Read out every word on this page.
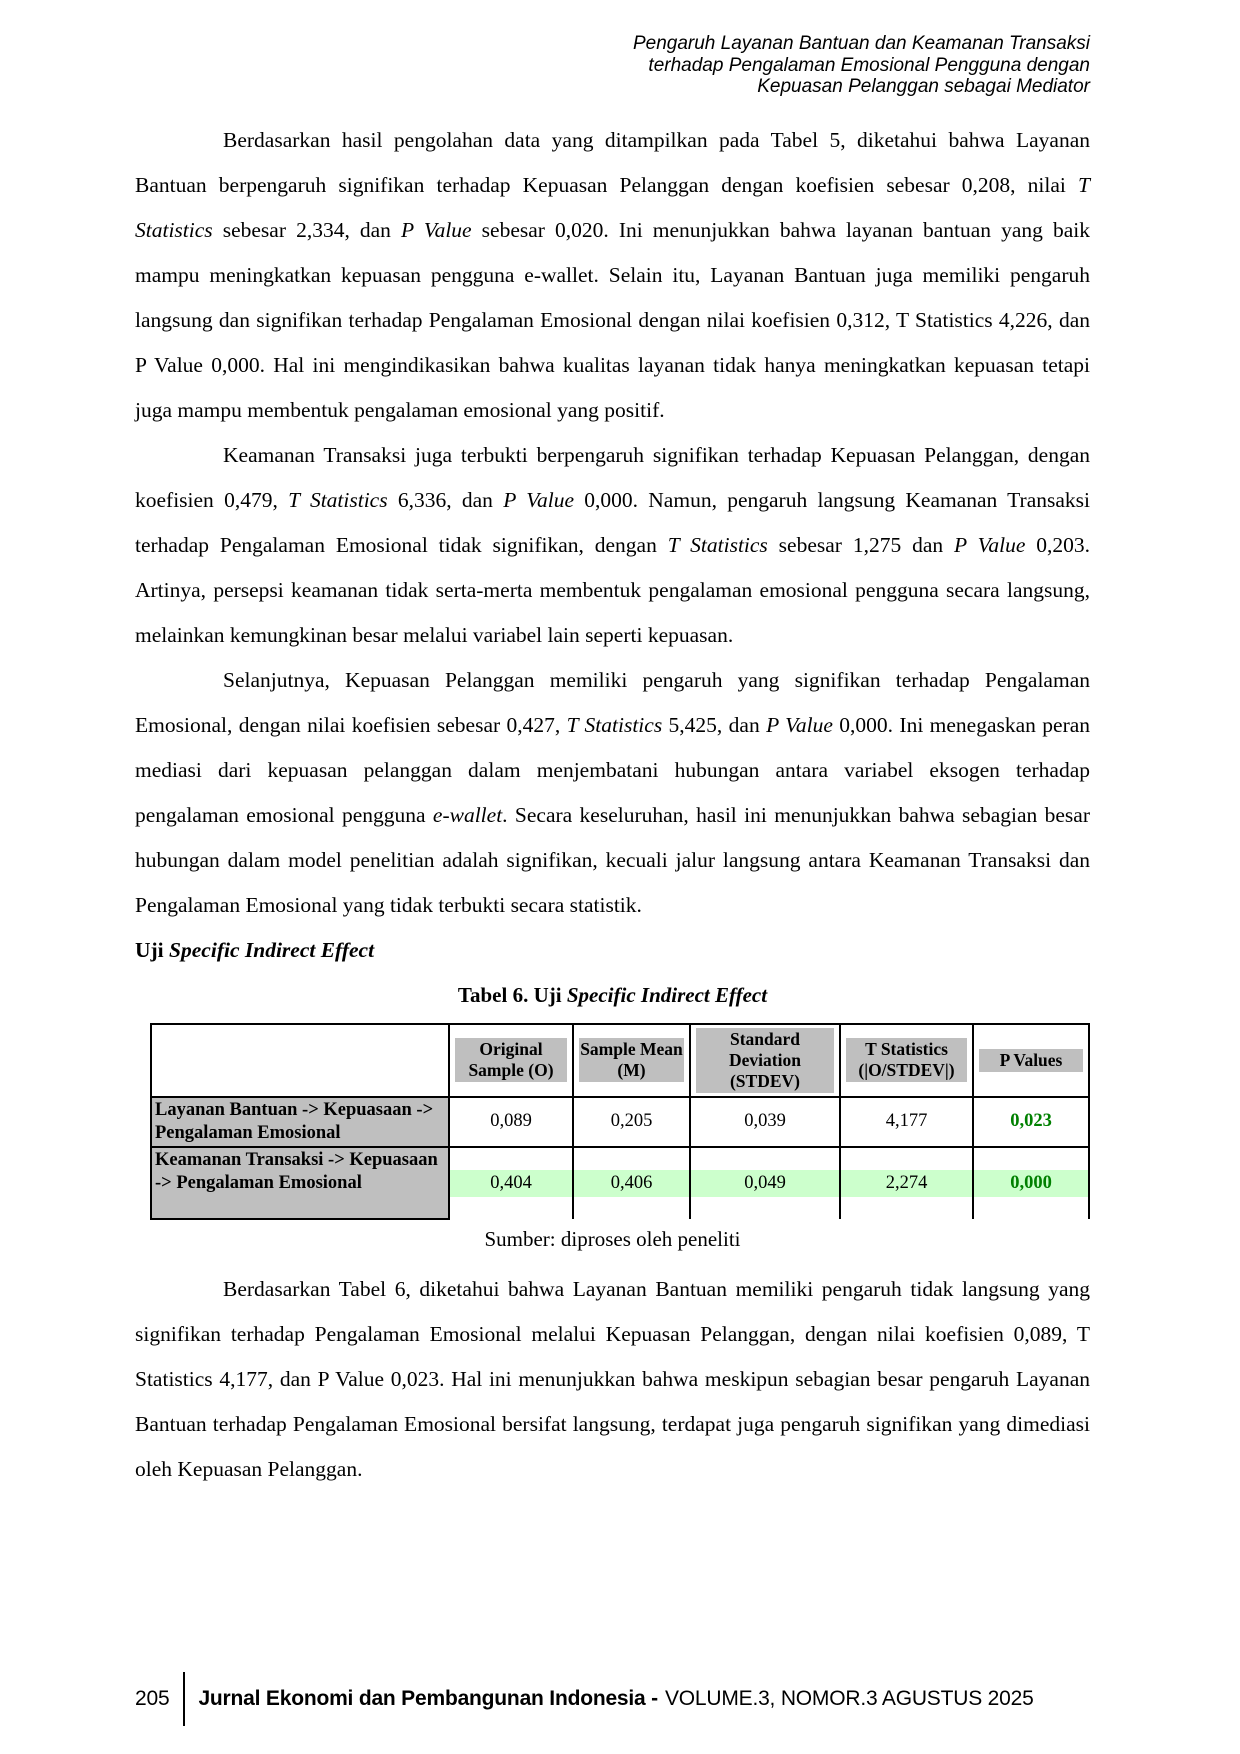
Pengaruh Layanan Bantuan dan Keamanan Transaksi
terhadap Pengalaman Emosional Pengguna dengan
Kepuasan Pelanggan sebagai Mediator

Berdasarkan hasil pengolahan data yang ditampilkan pada Tabel 5, diketahui bahwa Layanan Bantuan berpengaruh signifikan terhadap Kepuasan Pelanggan dengan koefisien sebesar 0,208, nilai T Statistics sebesar 2,334, dan P Value sebesar 0,020. Ini menunjukkan bahwa layanan bantuan yang baik mampu meningkatkan kepuasan pengguna e-wallet. Selain itu, Layanan Bantuan juga memiliki pengaruh langsung dan signifikan terhadap Pengalaman Emosional dengan nilai koefisien 0,312, T Statistics 4,226, dan P Value 0,000. Hal ini mengindikasikan bahwa kualitas layanan tidak hanya meningkatkan kepuasan tetapi juga mampu membentuk pengalaman emosional yang positif.

Keamanan Transaksi juga terbukti berpengaruh signifikan terhadap Kepuasan Pelanggan, dengan koefisien 0,479, T Statistics 6,336, dan P Value 0,000. Namun, pengaruh langsung Keamanan Transaksi terhadap Pengalaman Emosional tidak signifikan, dengan T Statistics sebesar 1,275 dan P Value 0,203. Artinya, persepsi keamanan tidak serta-merta membentuk pengalaman emosional pengguna secara langsung, melainkan kemungkinan besar melalui variabel lain seperti kepuasan.

Selanjutnya, Kepuasan Pelanggan memiliki pengaruh yang signifikan terhadap Pengalaman Emosional, dengan nilai koefisien sebesar 0,427, T Statistics 5,425, dan P Value 0,000. Ini menegaskan peran mediasi dari kepuasan pelanggan dalam menjembatani hubungan antara variabel eksogen terhadap pengalaman emosional pengguna e-wallet. Secara keseluruhan, hasil ini menunjukkan bahwa sebagian besar hubungan dalam model penelitian adalah signifikan, kecuali jalur langsung antara Keamanan Transaksi dan Pengalaman Emosional yang tidak terbukti secara statistik.

Uji Specific Indirect Effect
Tabel 6. Uji Specific Indirect Effect

	Original Sample (O)	Sample Mean (M)	Standard Deviation (STDEV)	T Statistics (|O/STDEV|)	P Values

Layanan Bantuan -> Kepuasaan -> Pengalaman Emosional	0,089	0,205	0,039	4,177	0,023
Keamanan Transaksi -> Kepuasaan -> Pengalaman Emosional	0,404	0,406	0,049	2,274	0,000
Sumber: diproses oleh peneliti

Berdasarkan Tabel 6, diketahui bahwa Layanan Bantuan memiliki pengaruh tidak langsung yang signifikan terhadap Pengalaman Emosional melalui Kepuasan Pelanggan, dengan nilai koefisien 0,089, T Statistics 4,177, dan P Value 0,023. Hal ini menunjukkan bahwa meskipun sebagian besar pengaruh Layanan Bantuan terhadap Pengalaman Emosional bersifat langsung, terdapat juga pengaruh signifikan yang dimediasi oleh Kepuasan Pelanggan.

205 Jurnal Ekonomi dan Pembangunan Indonesia - VOLUME.3, NOMOR.3 AGUSTUS 2025
